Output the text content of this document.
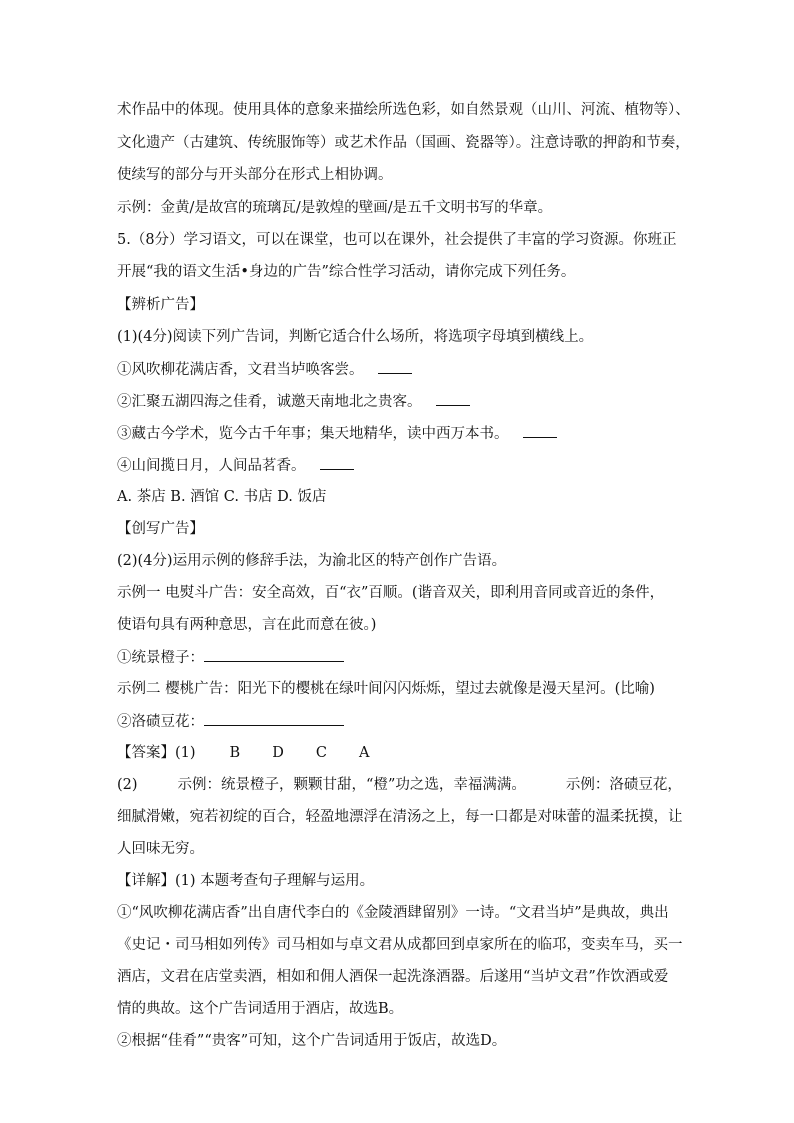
术作品中的体现。使用具体的意象来描绘所选色彩，如自然景观（山川、河流、植物等）、
文化遗产（古建筑、传统服饰等）或艺术作品（国画、瓷器等）。注意诗歌的押韵和节奏，
使续写的部分与开头部分在形式上相协调。
示例：金黄/是故宫的琉璃瓦/是敦煌的壁画/是五千文明书写的华章。
5.（8分）学习语文，可以在课堂，也可以在课外，社会提供了丰富的学习资源。你班正
开展“我的语文生活•身边的广告”综合性学习活动，请你完成下列任务。
【辨析广告】
(1)(4分)阅读下列广告词，判断它适合什么场所，将选项字母填到横线上。
①风吹柳花满店香，文君当垆唤客尝。
②汇聚五湖四海之佳肴，诚邀天南地北之贵客。
③藏古今学术，览今古千年事；集天地精华，读中西万本书。
④山间揽日月，人间品茗香。
A. 茶店 B. 酒馆 C. 书店 D. 饭店
【创写广告】
(2)(4分)运用示例的修辞手法，为渝北区的特产创作广告语。
示例一 电熨斗广告：安全高效，百“衣”百顺。(谐音双关，即利用音同或音近的条件，
使语句具有两种意思，言在此而意在彼。)
①统景橙子：
示例二 樱桃广告：阳光下的樱桃在绿叶间闪闪烁烁，望过去就像是漫天星河。(比喻)
②洛碛豆花：
【答案】(1) B D C A
(2)	示例：统景橙子，颗颗甘甜，“橙”功之选，幸福满满。	示例：洛碛豆花，
细腻滑嫩，宛若初绽的百合，轻盈地漂浮在清汤之上，每一口都是对味蕾的温柔抚摸，让
人回味无穷。
【详解】(1) 本题考查句子理解与运用。
①“风吹柳花满店香”出自唐代李白的《金陵酒肆留别》一诗。“文君当垆”是典故，典出
《史记・司马相如列传》司马相如与卓文君从成都回到卓家所在的临邛，变卖车马，买一
酒店，文君在店堂卖酒，相如和佣人酒保一起洗涤酒器。后遂用“当垆文君”作饮酒或爱
情的典故。这个广告词适用于酒店，故选B。
②根据“佳肴”“贵客”可知，这个广告词适用于饭店，故选D。
